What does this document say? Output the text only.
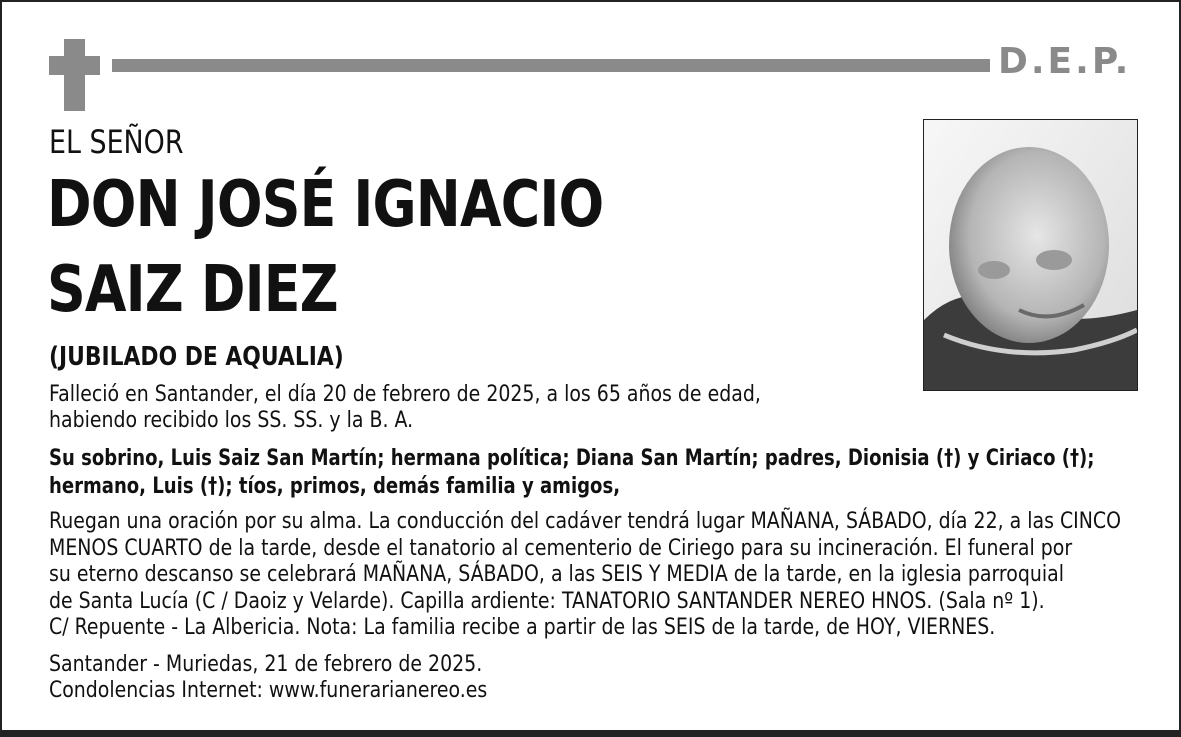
D.E.P.
EL SEÑOR
DON JOSÉ IGNACIO
SAIZ DIEZ
(JUBILADO DE AQUALIA)
Falleció en Santander, el día 20 de febrero de 2025, a los 65 años de edad,
habiendo recibido los SS. SS. y la B. A.
Su sobrino, Luis Saiz San Martín; hermana política; Diana San Martín; padres, Dionisia (†) y Ciriaco (†);
hermano, Luis (†); tíos, primos, demás familia y amigos,
Ruegan una oración por su alma. La conducción del cadáver tendrá lugar MAÑANA, SÁBADO, día 22, a las CINCO
MENOS CUARTO de la tarde, desde el tanatorio al cementerio de Ciriego para su incineración. El funeral por
su eterno descanso se celebrará MAÑANA, SÁBADO, a las SEIS Y MEDIA de la tarde, en la iglesia parroquial
de Santa Lucía (C / Daoiz y Velarde). Capilla ardiente: TANATORIO SANTANDER NEREO HNOS. (Sala nº 1).
C/ Repuente - La Albericia. Nota: La familia recibe a partir de las SEIS de la tarde, de HOY, VIERNES.
Santander - Muriedas, 21 de febrero de 2025.
Condolencias Internet: www.funerarianereo.es
